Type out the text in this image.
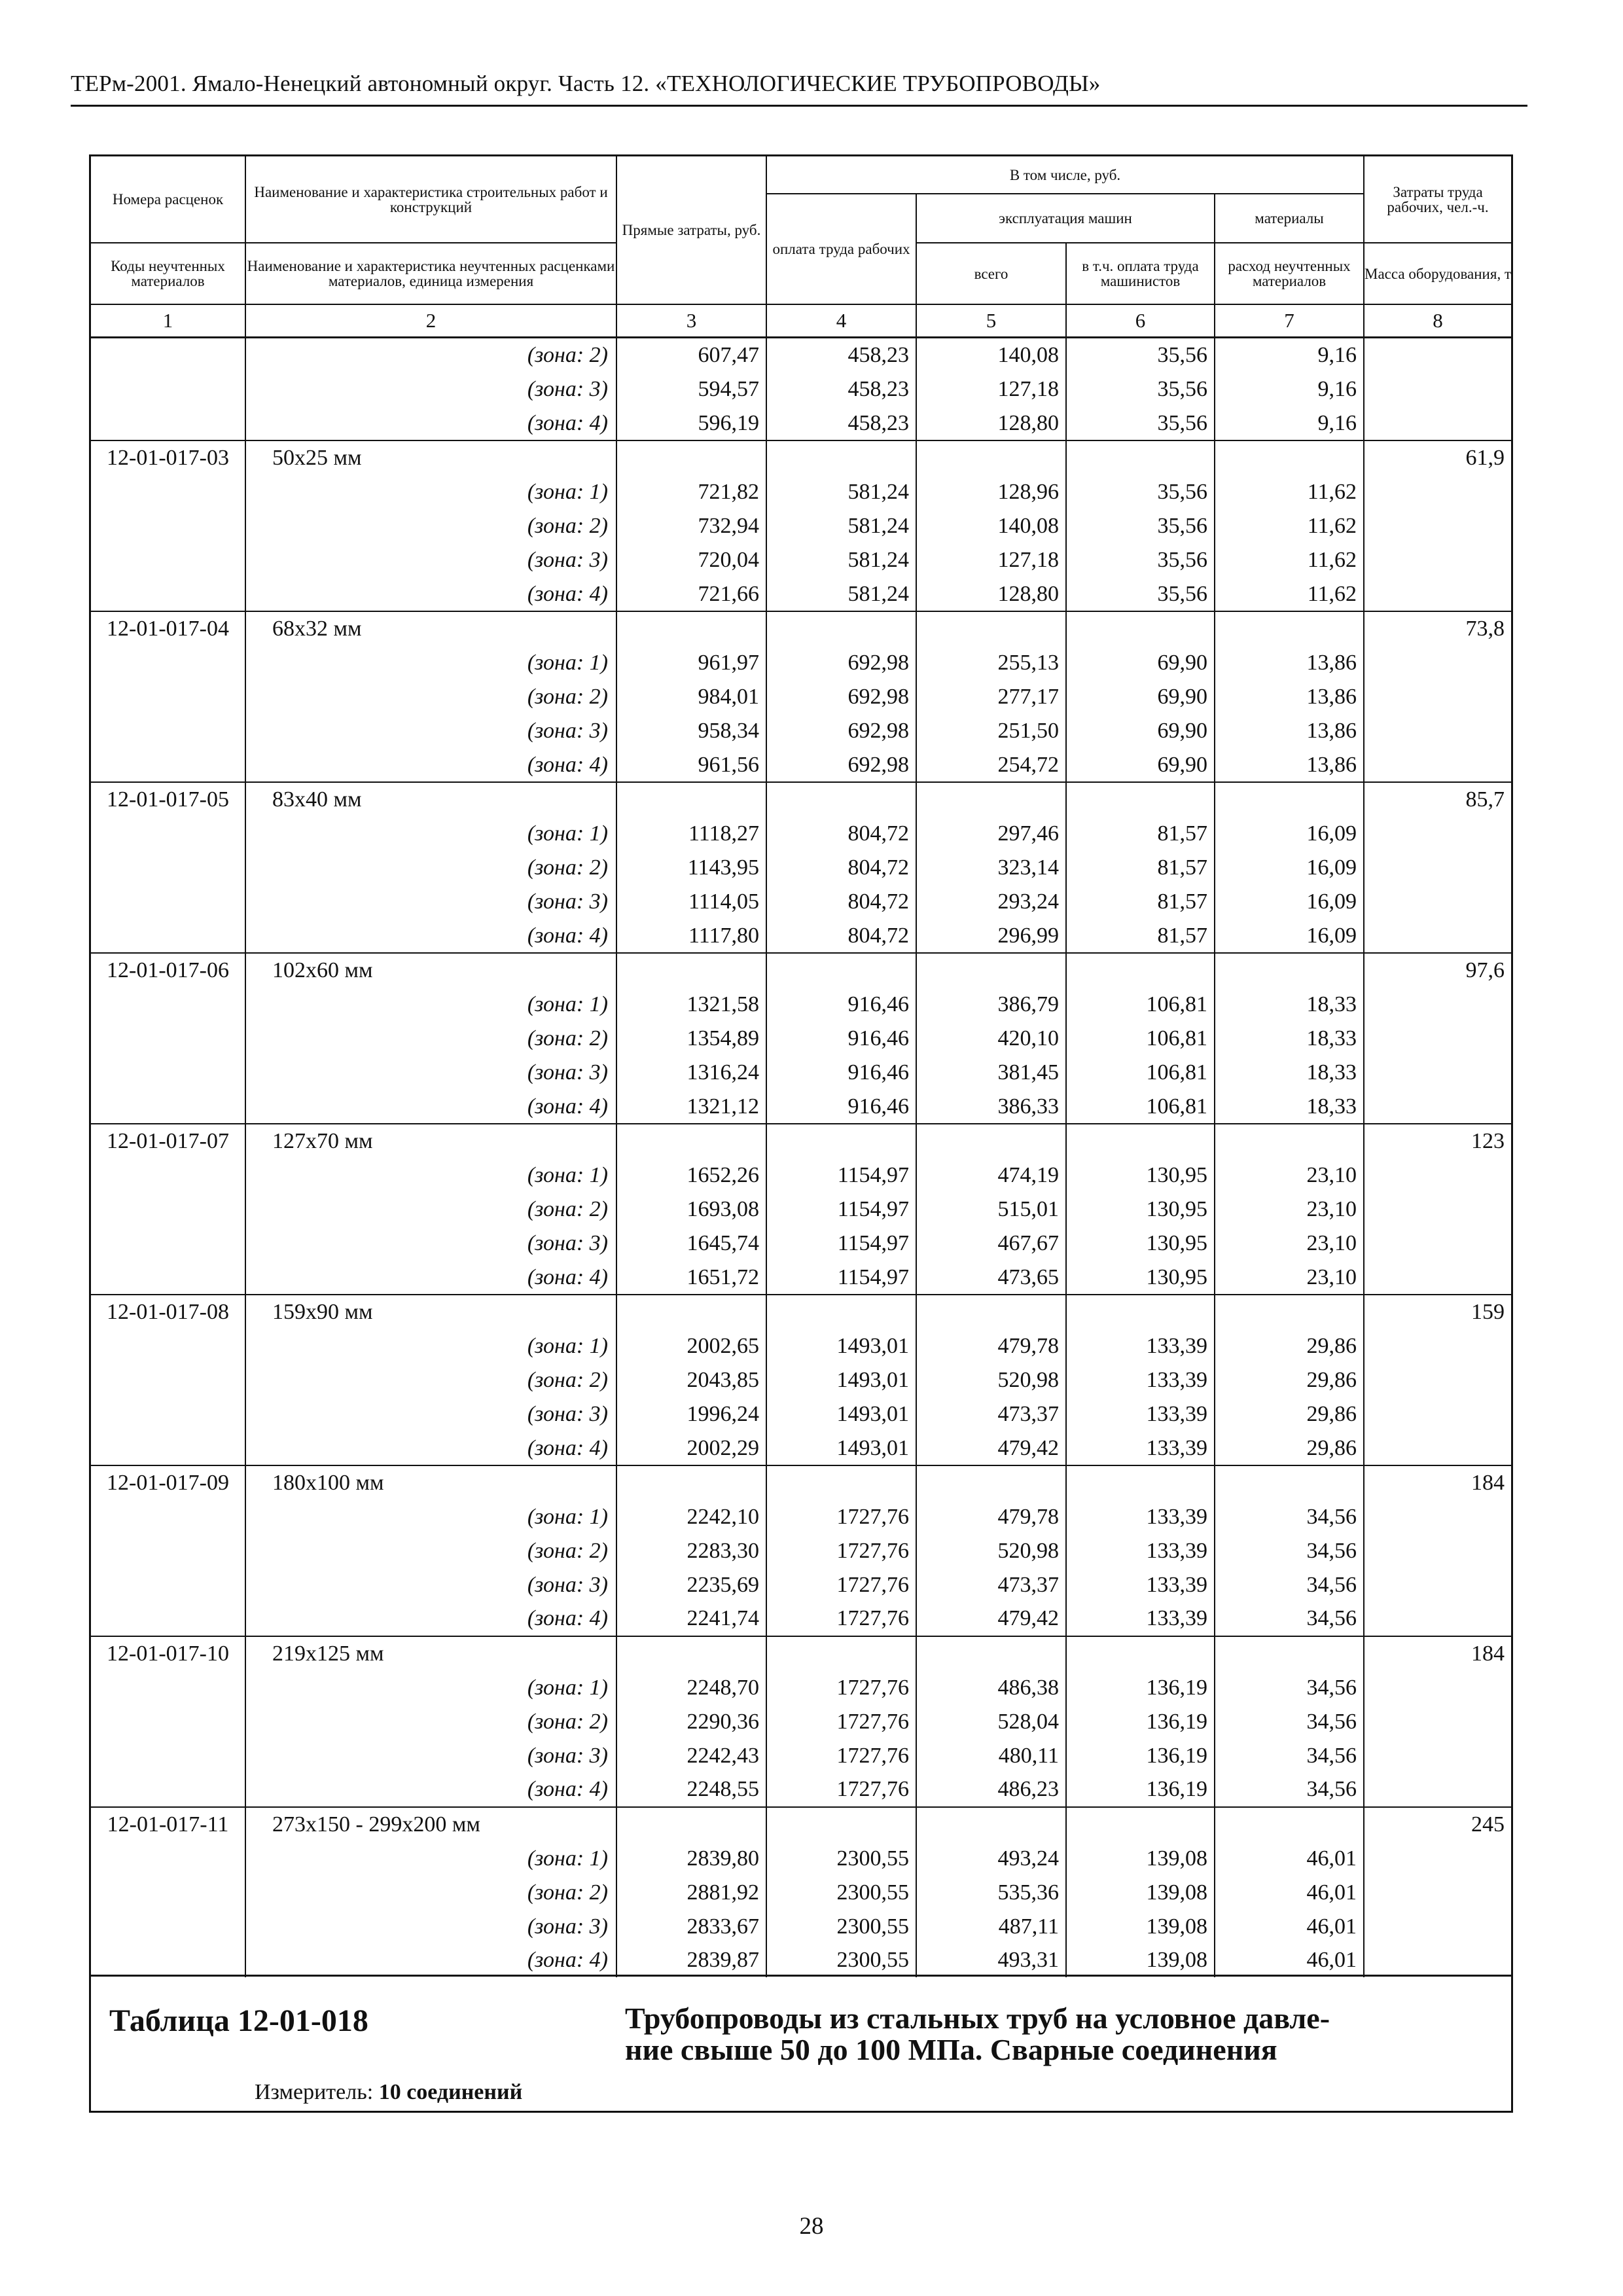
ТЕРм-2001. Ямало-Ненецкий автономный округ. Часть 12. «ТЕХНОЛОГИЧЕСКИЕ ТРУБОПРОВОДЫ»
Номера расценок	Наименование и характеристика строительных работ и конструкций	Прямые затраты, руб.	В том числе, руб.				Затраты труда рабочих, чел.-ч.
			оплата труда рабочих	эксплуатация машин		материалы	
Коды неучтенных материалов	Наименование и характеристика неучтенных расценками материалов, единица измерения			всего	в т.ч. оплата труда машинистов	расход неучтенных материалов	Масса оборудования, т
1	2	3	4	5	6	7	8
	(зона: 2)	607,47	458,23	140,08	35,56	9,16	
	(зона: 3)	594,57	458,23	127,18	35,56	9,16	
	(зона: 4)	596,19	458,23	128,80	35,56	9,16	
12-01-017-03	50х25 мм						61,9
	(зона: 1)	721,82	581,24	128,96	35,56	11,62	
	(зона: 2)	732,94	581,24	140,08	35,56	11,62	
	(зона: 3)	720,04	581,24	127,18	35,56	11,62	
	(зона: 4)	721,66	581,24	128,80	35,56	11,62	
12-01-017-04	68х32 мм						73,8
	(зона: 1)	961,97	692,98	255,13	69,90	13,86	
	(зона: 2)	984,01	692,98	277,17	69,90	13,86	
	(зона: 3)	958,34	692,98	251,50	69,90	13,86	
	(зона: 4)	961,56	692,98	254,72	69,90	13,86	
12-01-017-05	83х40 мм						85,7
	(зона: 1)	1118,27	804,72	297,46	81,57	16,09	
	(зона: 2)	1143,95	804,72	323,14	81,57	16,09	
	(зона: 3)	1114,05	804,72	293,24	81,57	16,09	
	(зона: 4)	1117,80	804,72	296,99	81,57	16,09	
12-01-017-06	102х60 мм						97,6
	(зона: 1)	1321,58	916,46	386,79	106,81	18,33	
	(зона: 2)	1354,89	916,46	420,10	106,81	18,33	
	(зона: 3)	1316,24	916,46	381,45	106,81	18,33	
	(зона: 4)	1321,12	916,46	386,33	106,81	18,33	
12-01-017-07	127х70 мм						123
	(зона: 1)	1652,26	1154,97	474,19	130,95	23,10	
	(зона: 2)	1693,08	1154,97	515,01	130,95	23,10	
	(зона: 3)	1645,74	1154,97	467,67	130,95	23,10	
	(зона: 4)	1651,72	1154,97	473,65	130,95	23,10	
12-01-017-08	159х90 мм						159
	(зона: 1)	2002,65	1493,01	479,78	133,39	29,86	
	(зона: 2)	2043,85	1493,01	520,98	133,39	29,86	
	(зона: 3)	1996,24	1493,01	473,37	133,39	29,86	
	(зона: 4)	2002,29	1493,01	479,42	133,39	29,86	
12-01-017-09	180х100 мм						184
	(зона: 1)	2242,10	1727,76	479,78	133,39	34,56	
	(зона: 2)	2283,30	1727,76	520,98	133,39	34,56	
	(зона: 3)	2235,69	1727,76	473,37	133,39	34,56	
	(зона: 4)	2241,74	1727,76	479,42	133,39	34,56	
12-01-017-10	219х125 мм						184
	(зона: 1)	2248,70	1727,76	486,38	136,19	34,56	
	(зона: 2)	2290,36	1727,76	528,04	136,19	34,56	
	(зона: 3)	2242,43	1727,76	480,11	136,19	34,56	
	(зона: 4)	2248,55	1727,76	486,23	136,19	34,56	
12-01-017-11	273х150 - 299х200 мм						245
	(зона: 1)	2839,80	2300,55	493,24	139,08	46,01	
	(зона: 2)	2881,92	2300,55	535,36	139,08	46,01	
	(зона: 3)	2833,67	2300,55	487,11	139,08	46,01	
	(зона: 4)	2839,87	2300,55	493,31	139,08	46,01	
Таблица 12-01-018	Трубопроводы из стальных труб на условное давле-
ние свыше 50 до 100 МПа. Сварные соединения
Измеритель: 10 соединений
28
